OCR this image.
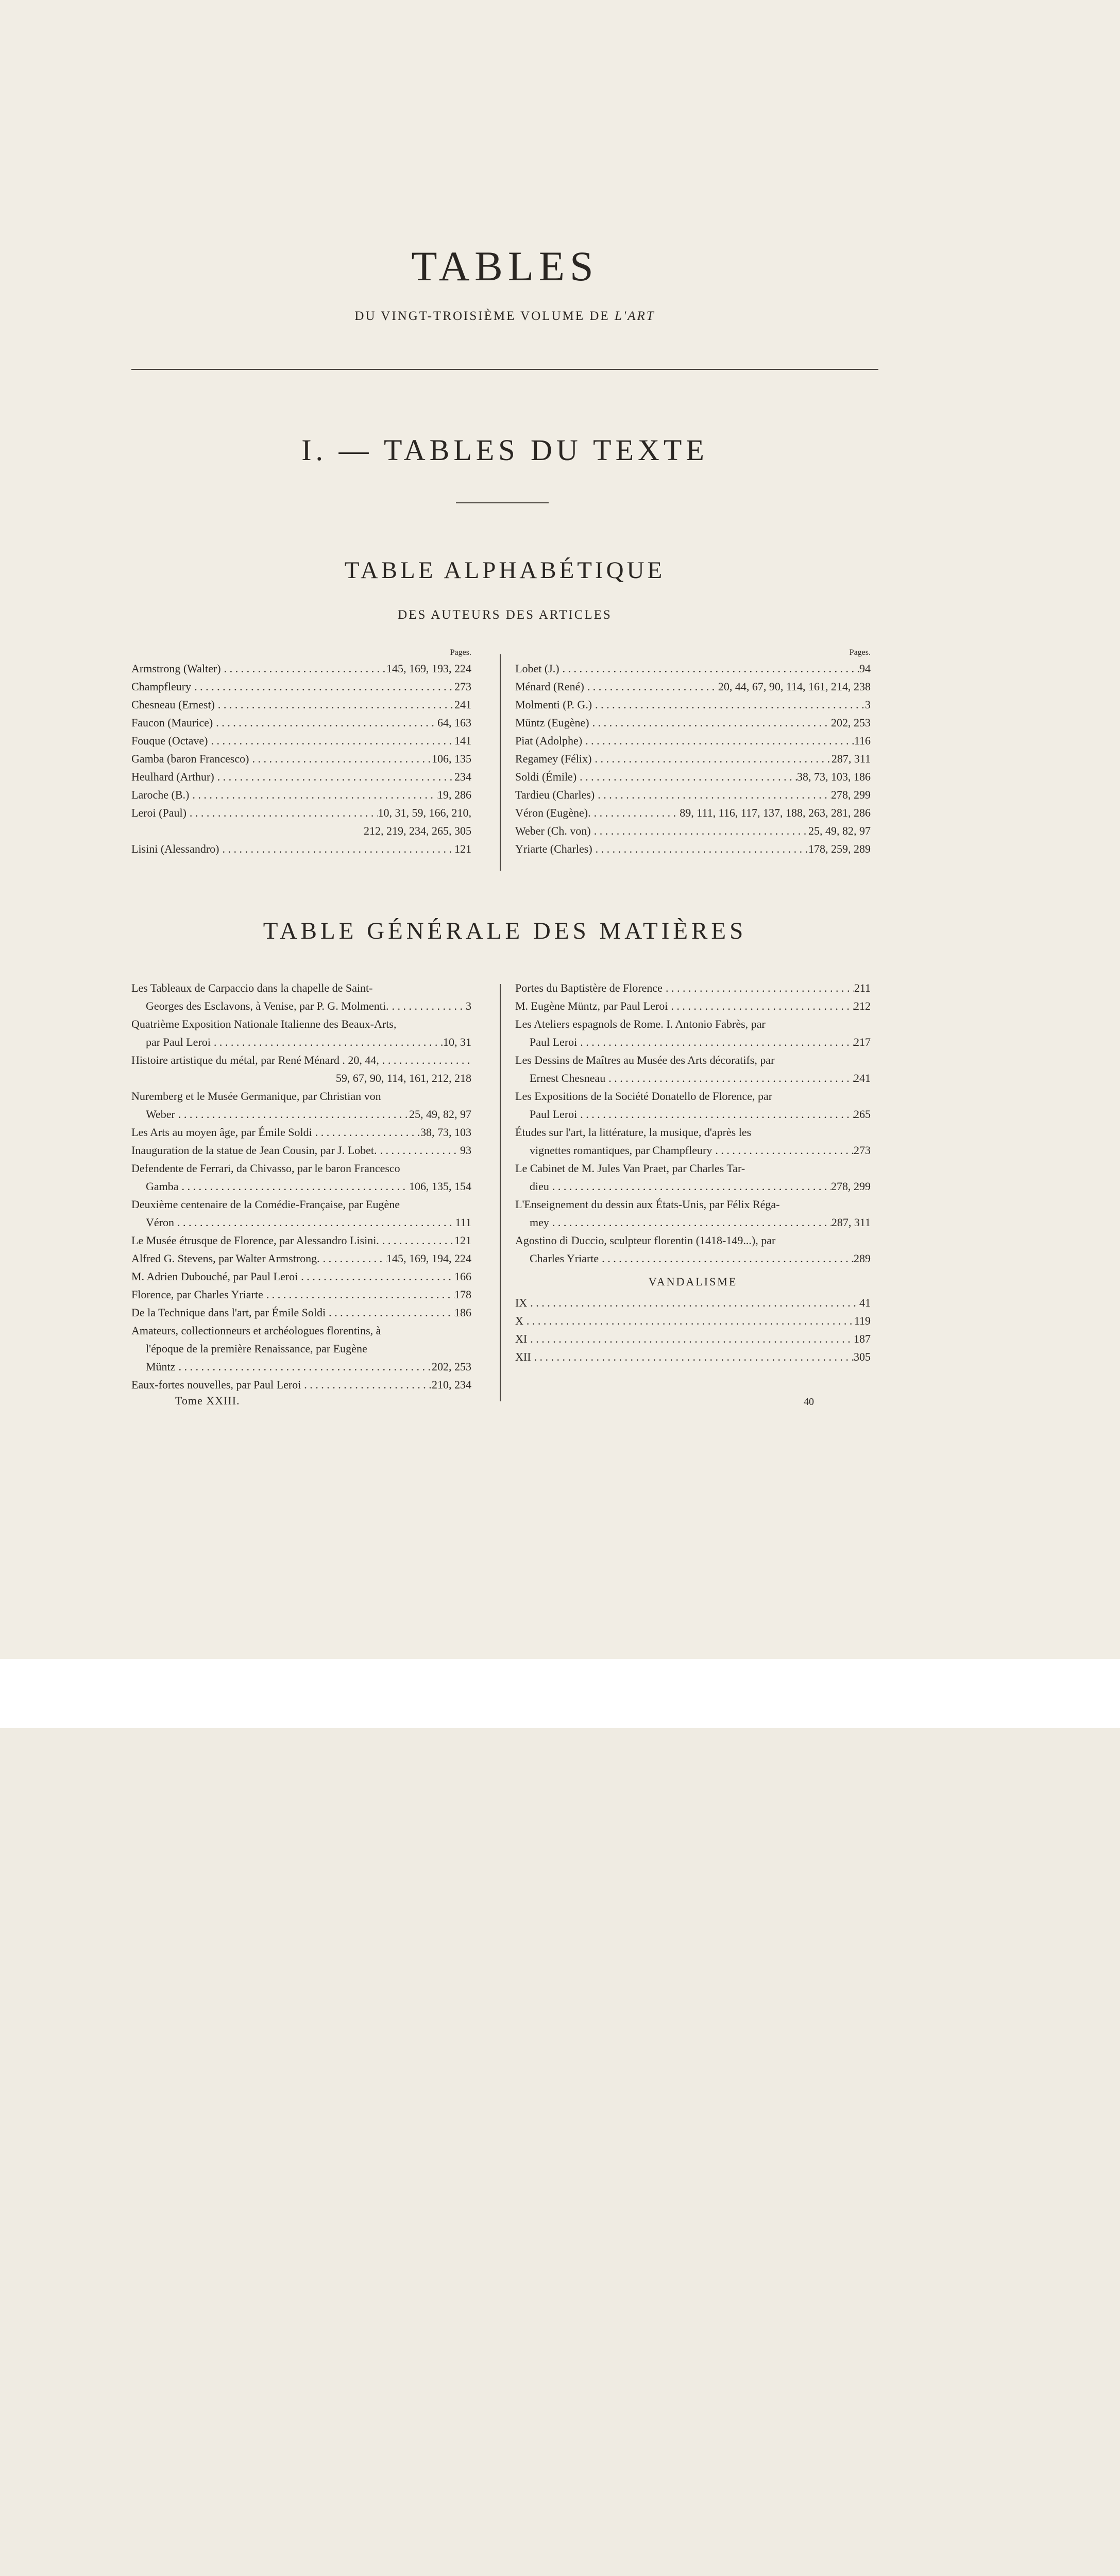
TABLES
DU VINGT-TROISIÈME VOLUME DE L'ART
I. — TABLES DU TEXTE
TABLE ALPHABÉTIQUE
DES AUTEURS DES ARTICLES
Pages.
Armstrong (Walter) . . .	145, 169, 193, 224
Champfleury . . .	273
Chesneau (Ernest) . . .	241
Faucon (Maurice) . . .	64, 163
Fouque (Octave) . . .	141
Gamba (baron Francesco) . . .	106, 135
Heulhard (Arthur) . . .	234
Laroche (B.) . . .	19, 286
Leroi (Paul) . . .	10, 31, 59, 166, 210,
212, 219, 234, 265, 305
Lisini (Alessandro) . . .	121
Pages.
Lobet (J.) . . .	94
Ménard (René) . . .	20, 44, 67, 90, 114, 161, 214, 238
Molmenti (P. G.) . . .	3
Müntz (Eugène) . . .	202, 253
Piat (Adolphe) . . .	116
Regamey (Félix) . . .	287, 311
Soldi (Émile) . . .	38, 73, 103, 186
Tardieu (Charles) . . .	278, 299
Véron (Eugène). . . .	89, 111, 116, 117, 137, 188, 263, 281, 286
Weber (Ch. von) . . .	25, 49, 82, 97
Yriarte (Charles) . . .	178, 259, 289
TABLE GÉNÉRALE DES MATIÈRES
Les Tableaux de Carpaccio dans la chapelle de Saint-
Georges des Esclavons, à Venise, par P. G. Molmenti. . . .	3
Quatrième Exposition Nationale Italienne des Beaux-Arts,
par Paul Leroi . . .	10, 31
Histoire artistique du métal, par René Ménard . 20, 44,
. . .
59, 67, 90, 114, 161, 212, 218
Nuremberg et le Musée Germanique, par Christian von
Weber . . .	25, 49, 82, 97
Les Arts au moyen âge, par Émile Soldi . . .	38, 73, 103
Inauguration de la statue de Jean Cousin, par J. Lobet. . . .	93
Defendente de Ferrari, da Chivasso, par le baron Francesco
Gamba . . .	106, 135, 154
Deuxième centenaire de la Comédie-Française, par Eugène
Véron . . .	111
Le Musée étrusque de Florence, par Alessandro Lisini. . . .	121
Alfred G. Stevens, par Walter Armstrong. . . .	145, 169, 194, 224
M. Adrien Dubouché, par Paul Leroi . . .	166
Florence, par Charles Yriarte . . .	178
De la Technique dans l'art, par Émile Soldi . . .	186
Amateurs, collectionneurs et archéologues florentins, à
l'époque de la première Renaissance, par Eugène
Müntz . . .	202, 253
Eaux-fortes nouvelles, par Paul Leroi . . .	210, 234
Portes du Baptistère de Florence . . .	211
M. Eugène Müntz, par Paul Leroi . . .	212
Les Ateliers espagnols de Rome. I. Antonio Fabrès, par
Paul Leroi . . .	217
Les Dessins de Maîtres au Musée des Arts décoratifs, par
Ernest Chesneau . . .	241
Les Expositions de la Société Donatello de Florence, par
Paul Leroi . . .	265
Études sur l'art, la littérature, la musique, d'après les
vignettes romantiques, par Champfleury . . .	273
Le Cabinet de M. Jules Van Praet, par Charles Tar-
dieu . . .	278, 299
L'Enseignement du dessin aux États-Unis, par Félix Réga-
mey . . .	287, 311
Agostino di Duccio, sculpteur florentin (1418-149...), par
Charles Yriarte . . .	289
VANDALISME
IX . . .	41
X . . .	119
XI . . .	187
XII . . .	305
Tome XXIII.	40
